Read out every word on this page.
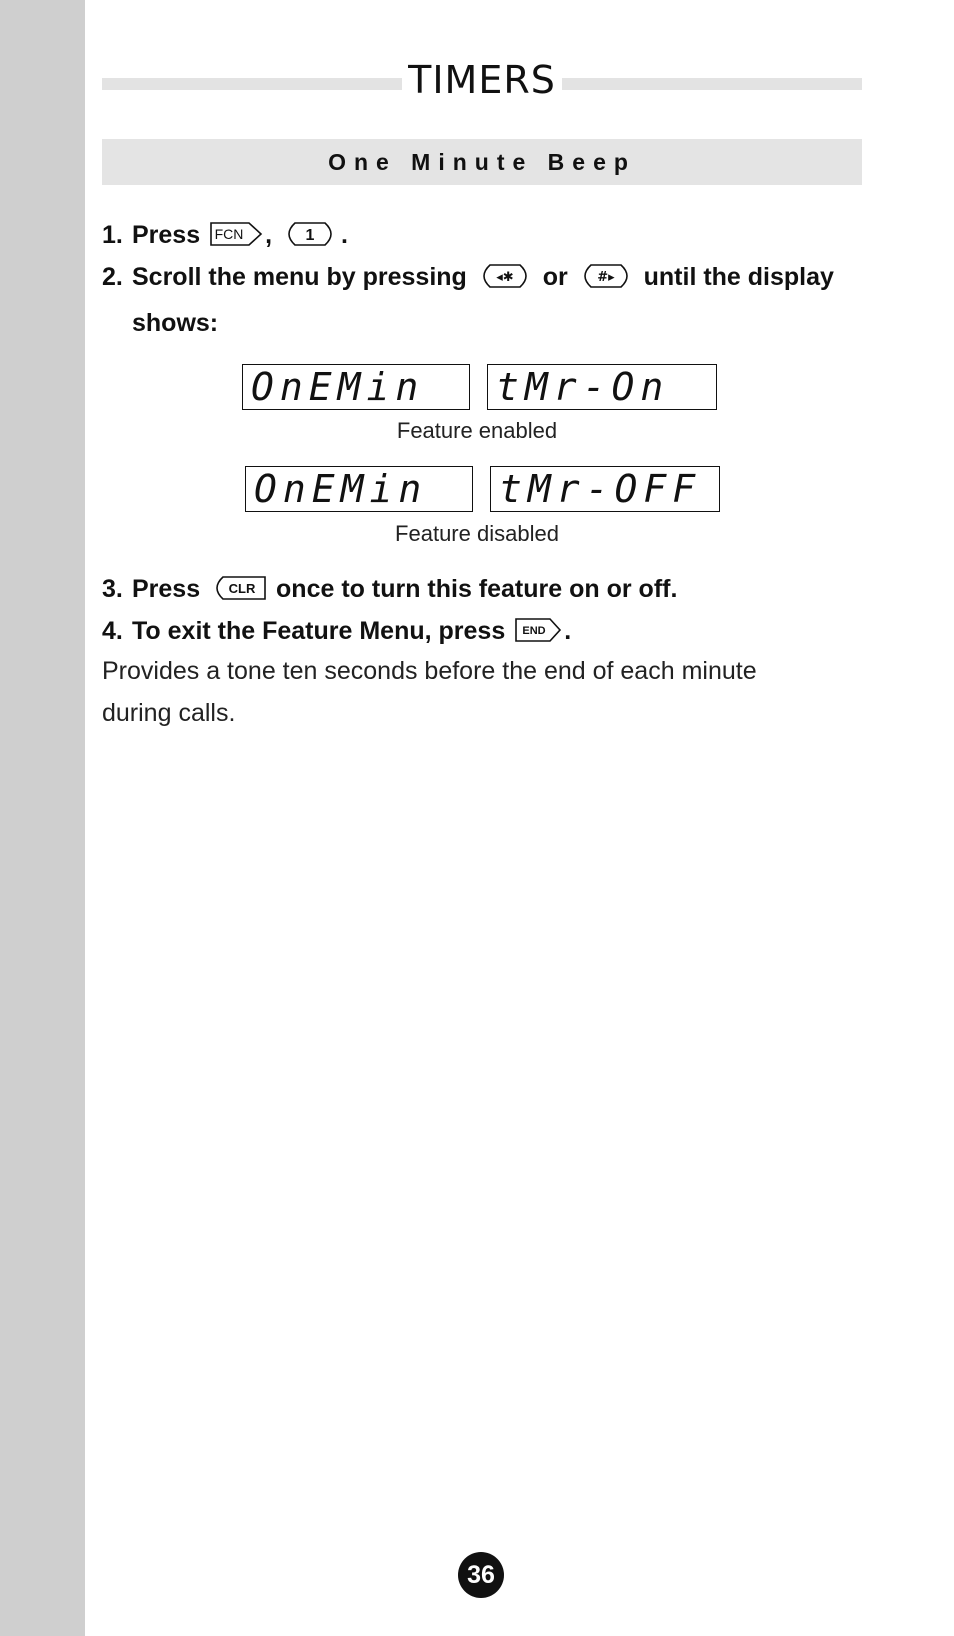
TIMERS
One Minute Beep
1. Press FCN , 1 .
2. Scroll the menu by pressing ◂✱ or #▸ until the display
shows:
OnEMin	tMr-On
Feature enabled
OnEMin	tMr-OFF
Feature disabled
3. Press CLR once to turn this feature on or off.
4. To exit the Feature Menu, press END .
Provides a tone ten seconds before the end of each minute during calls.
36
